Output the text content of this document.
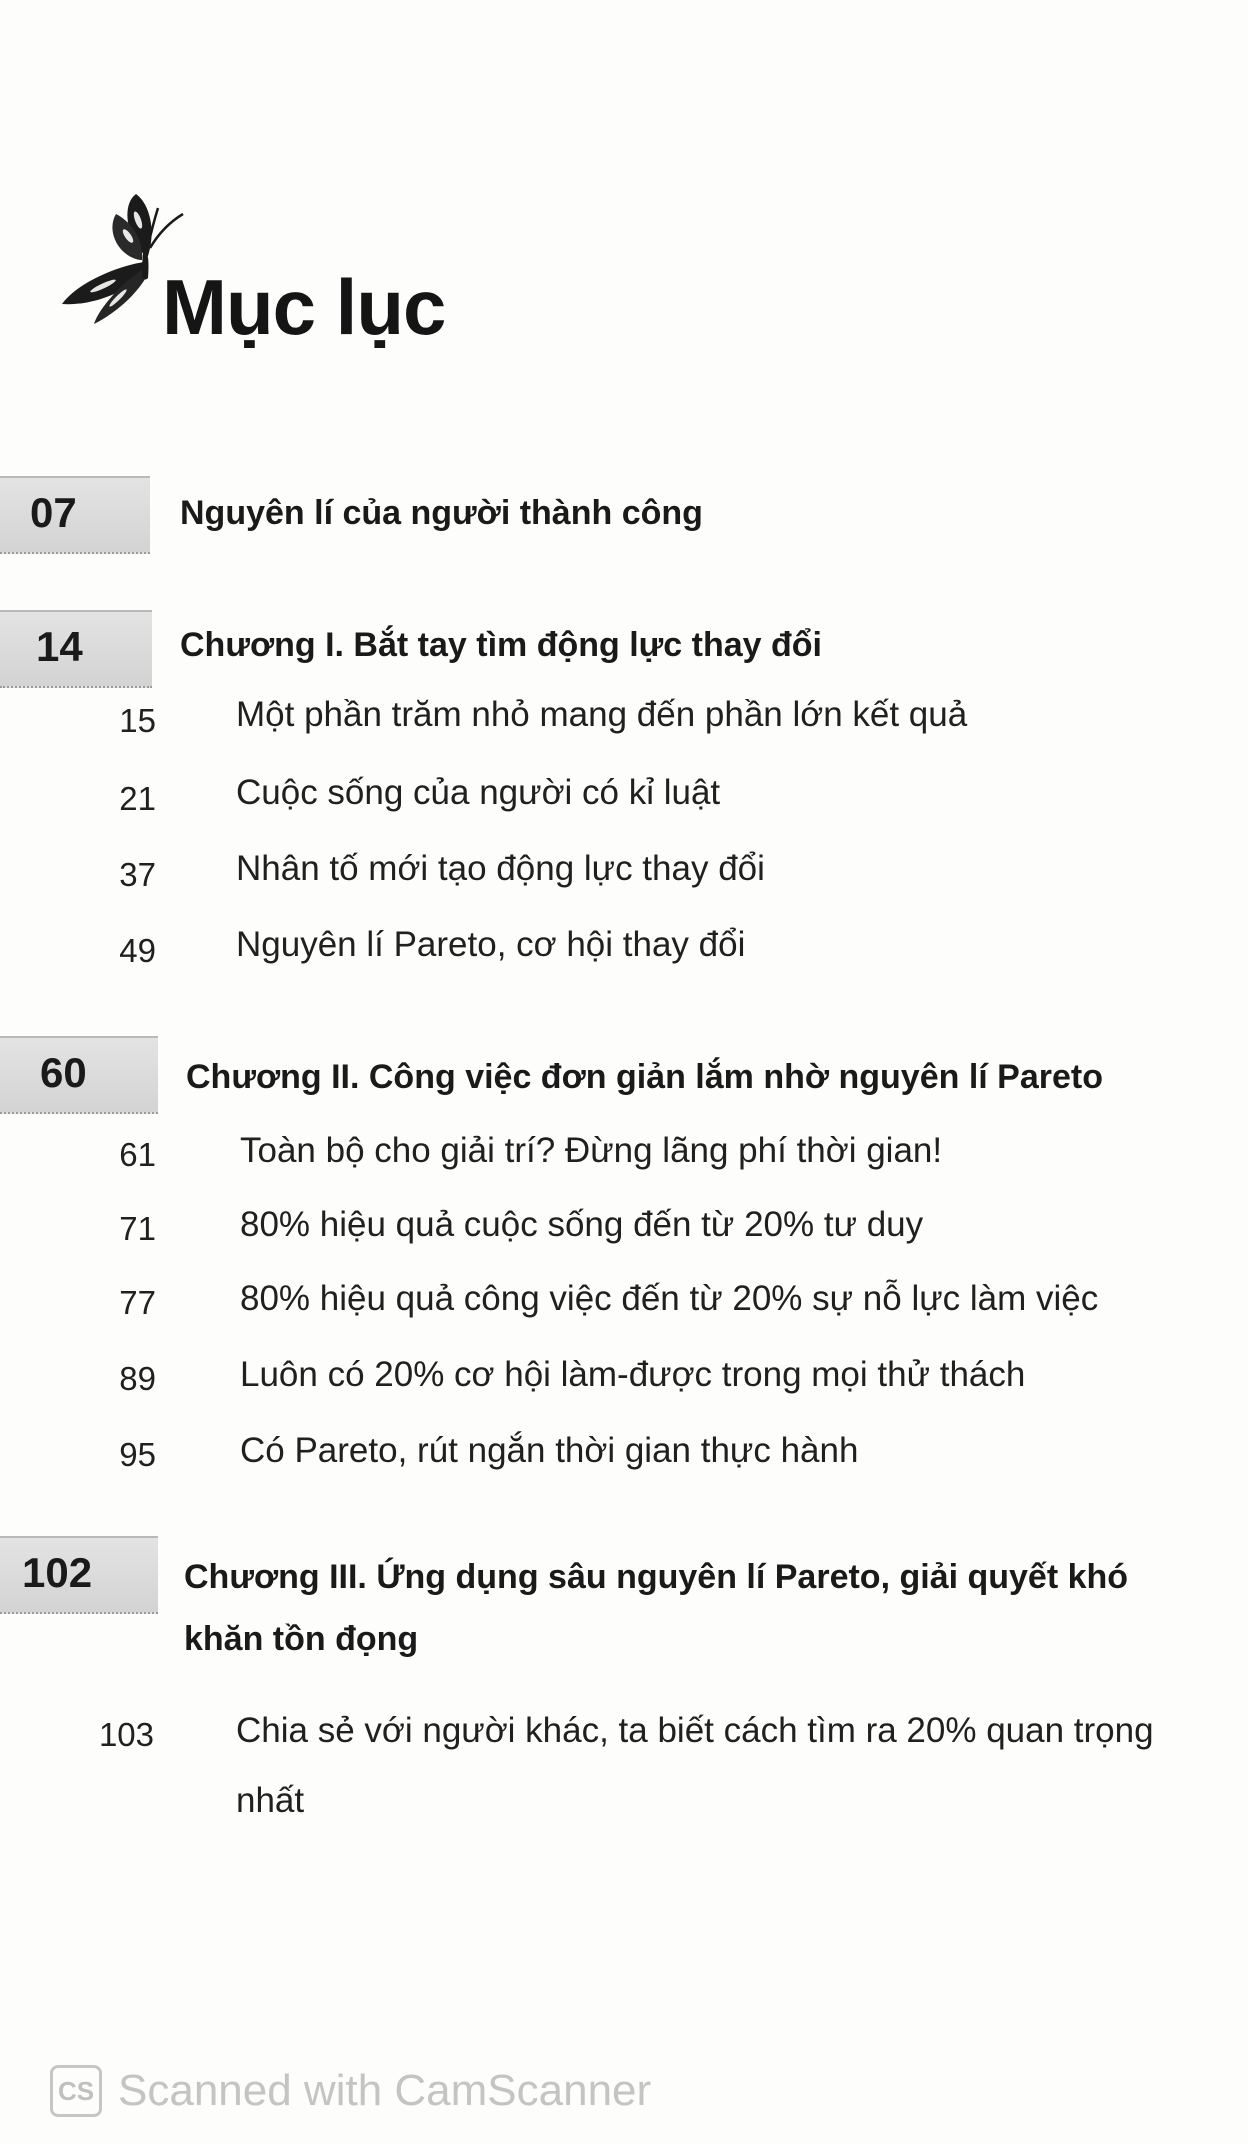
Mục lục
07	Nguyên lí của người thành công
14	Chương I. Bắt tay tìm động lực thay đổi
15 Một phần trăm nhỏ mang đến phần lớn kết quả
21 Cuộc sống của người có kỉ luật
37 Nhân tố mới tạo động lực thay đổi
49 Nguyên lí Pareto, cơ hội thay đổi
60	Chương II. Công việc đơn giản lắm nhờ nguyên lí Pareto
61 Toàn bộ cho giải trí? Đừng lãng phí thời gian!
71 80% hiệu quả cuộc sống đến từ 20% tư duy
77 80% hiệu quả công việc đến từ 20% sự nỗ lực làm việc
89 Luôn có 20% cơ hội làm-được trong mọi thử thách
95 Có Pareto, rút ngắn thời gian thực hành
102	Chương III. Ứng dụng sâu nguyên lí Pareto, giải quyết khó khăn tồn đọng
103 Chia sẻ với người khác, ta biết cách tìm ra 20% quan trọng nhất
CS Scanned with CamScanner
